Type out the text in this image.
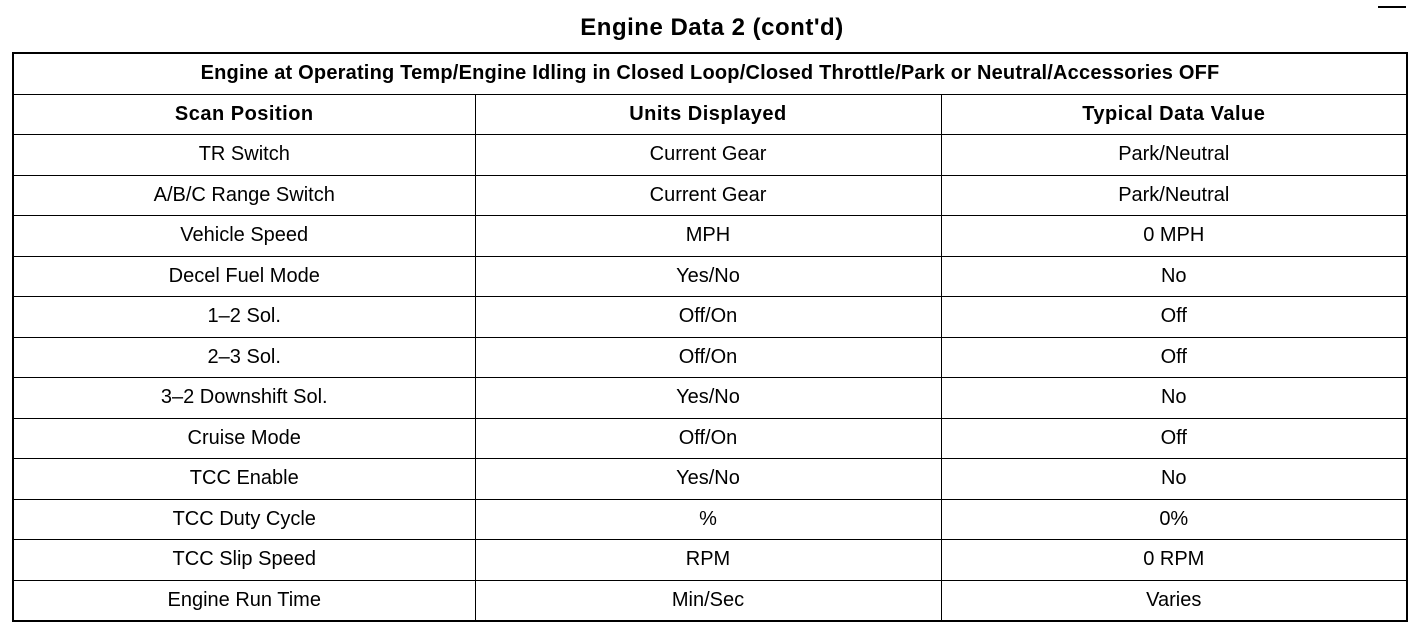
Engine Data 2 (cont'd)
Engine at Operating Temp/Engine Idling in Closed Loop/Closed Throttle/Park or Neutral/Accessories OFF		
Scan Position	Units Displayed	Typical Data Value
TR Switch	Current Gear	Park/Neutral
A/B/C Range Switch	Current Gear	Park/Neutral
Vehicle Speed	MPH	0 MPH
Decel Fuel Mode	Yes/No	No
1–2 Sol.	Off/On	Off
2–3 Sol.	Off/On	Off
3–2 Downshift Sol.	Yes/No	No
Cruise Mode	Off/On	Off
TCC Enable	Yes/No	No
TCC Duty Cycle	%	0%
TCC Slip Speed	RPM	0 RPM
Engine Run Time	Min/Sec	Varies
